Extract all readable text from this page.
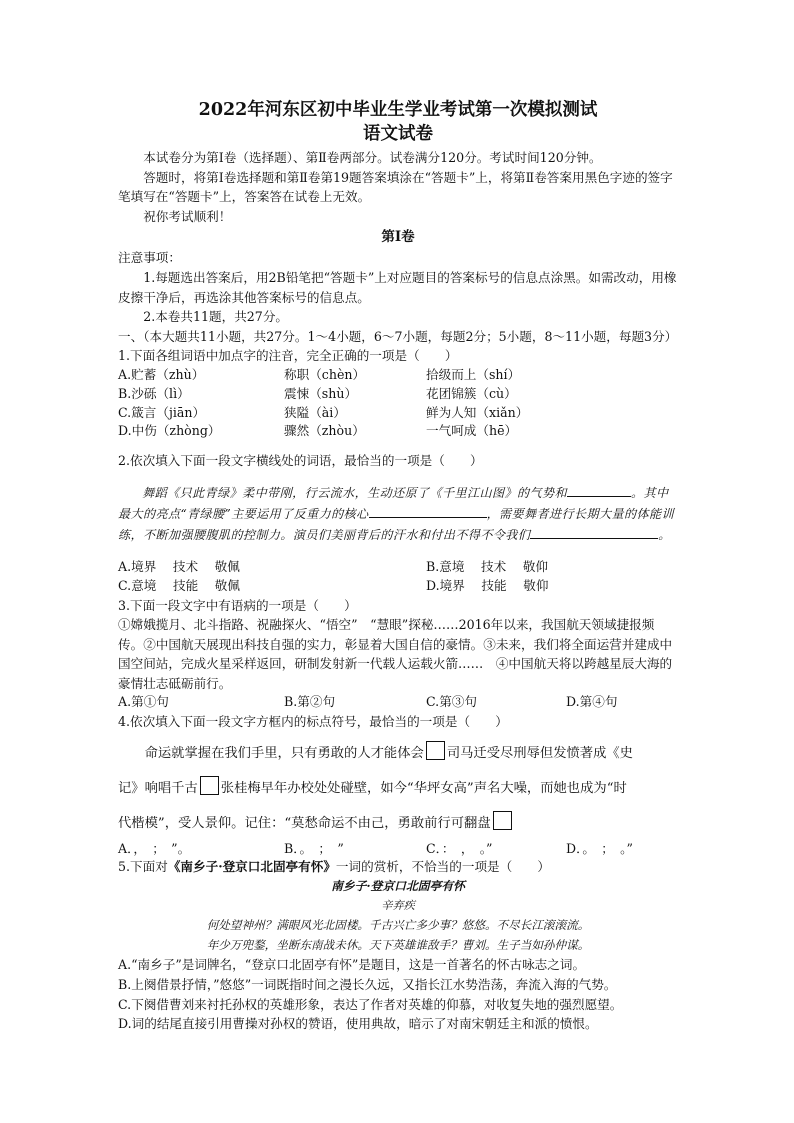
2022年河东区初中毕业生学业考试第一次模拟测试
语文试卷

本试卷分为第Ⅰ卷（选择题）、第Ⅱ卷两部分。试卷满分120分。考试时间120分钟。

答题时，将第Ⅰ卷选择题和第Ⅱ卷第19题答案填涂在“答题卡”上，将第Ⅱ卷答案用黑色字迹的签字笔填写在“答题卡”上，答案答在试卷上无效。

祝你考试顺利！

第Ⅰ卷

注意事项：

1.每题选出答案后，用2B铅笔把“答题卡”上对应题目的答案标号的信息点涂黑。如需改动，用橡皮擦干净后，再选涂其他答案标号的信息点。

2.本卷共11题，共27分。

一、（本大题共11小题，共27分。1～4小题，6～7小题，每题2分；5小题，8～11小题，每题3分）

1.下面各组词语中加点字的注音，完全正确的一项是（　　）

A.贮蓄（zhù）	称职（chèn）	拾级而上（shí）
B.沙砾（lì）	震悚（shù）	花团锦簇（cù）
C.箴言（jiān）	狭隘（ài）	鲜为人知（xiǎn）
D.中伤（zhòng）	骤然（zhòu）	一气呵成（hē）

2.依次填入下面一段文字横线处的词语，最恰当的一项是（　　）

舞蹈《只此青绿》柔中带刚，行云流水，生动还原了《千里江山图》的气势和	。其中最大的亮点“青绿腰”主要运用了反重力的核心	，需要舞者进行长期大量的体能训练，不断加强腰腹肌的控制力。演员们美丽背后的汗水和付出不得不令我们	。

A.境界　 技术　 敬佩	B.意境　 技术　 敬仰
C.意境　 技能　 敬佩	D.境界　 技能　 敬仰

3.下面一段文字中有语病的一项是（　　）

①嫦娥揽月、北斗指路、祝融探火、“悟空”　“慧眼”探秘……2016年以来，我国航天领域捷报频传。②中国航天展现出科技自强的实力，彰显着大国自信的豪情。③未来，我们将全面运营并建成中国空间站，完成火星采样返回，研制发射新一代载人运载火箭……　④中国航天将以跨越星辰大海的豪情壮志砥砺前行。

A.第①句	B.第②句	C.第③句	D.第④句

4.依次填入下面一段文字方框内的标点符号，最恰当的一项是（　　）

命运就掌握在我们手里，只有勇敢的人才能体会 司马迁受尽刑辱但发愤著成《史

记》响唱千古 张桂梅早年办校处处碰壁，如今“华坪女高”声名大噪，而她也成为“时

代楷模”，受人景仰。记住：“莫愁命运不由己，勇敢前行可翻盘

A．，　；　”。	B．。　；　”	C．：　，　。”	D．。　；　。”

5.下面对《南乡子·登京口北固亭有怀》一词的赏析，不恰当的一项是（　　）

南乡子·登京口北固亭有怀
辛弃疾
何处望神州？满眼风光北固楼。千古兴亡多少事？悠悠。不尽长江滚滚流。
年少万兜鍪，坐断东南战未休。天下英雄谁敌手？曹刘。生子当如孙仲谋。

A.“南乡子”是词牌名，“登京口北固亭有怀”是题目，这是一首著名的怀古咏志之词。

B.上阕借景抒情，”悠悠”一词既指时间之漫长久远，又指长江水势浩荡，奔流入海的气势。

C.下阕借曹刘来衬托孙权的英雄形象，表达了作者对英雄的仰慕，对收复失地的强烈愿望。

D.词的结尾直接引用曹操对孙权的赞语，使用典故，暗示了对南宋朝廷主和派的愤恨。
